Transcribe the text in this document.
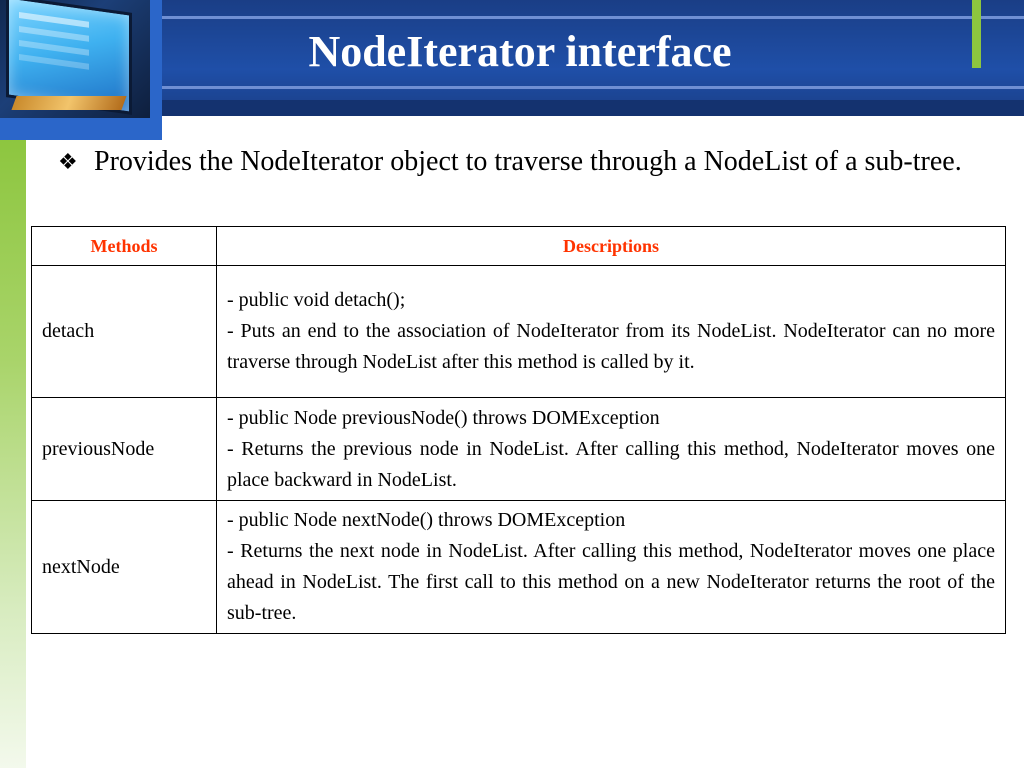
NodeIterator interface
❖ Provides the NodeIterator object to traverse through a NodeList of a sub-tree.
Methods	Descriptions
detach	- public void detach();
- Puts an end to the association of NodeIterator from its NodeList. NodeIterator can no more traverse through NodeList after this method is called by it.

previousNode	- public Node previousNode() throws DOMException
- Returns the previous node in NodeList. After calling this method, NodeIterator moves one place backward in NodeList.

nextNode	- public Node nextNode() throws DOMException
- Returns the next node in NodeList. After calling this method, NodeIterator moves one place ahead in NodeList. The first call to this method on a new NodeIterator returns the root of the sub-tree.
